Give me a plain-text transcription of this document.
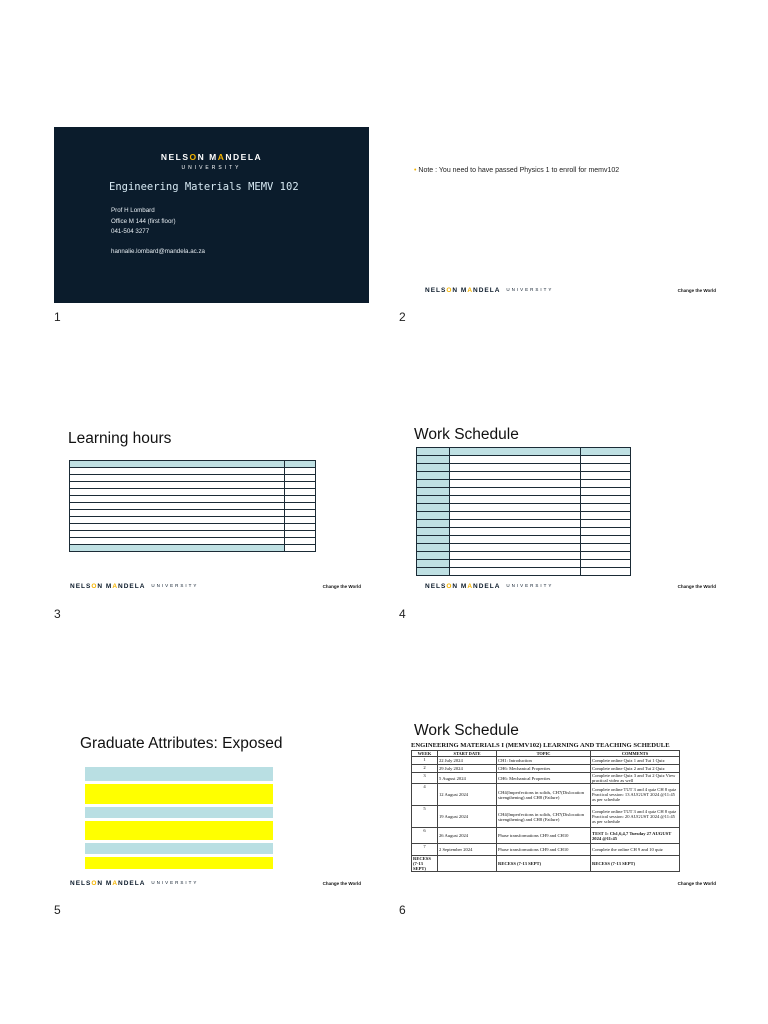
NELSON MANDELA
UNIVERSITY
Engineering Materials MEMV 102
Prof H Lombard
Office M 144 (first floor)
041-504 3277
hannalie.lombard@mandela.ac.za
1
• Note : You need to have passed Physics 1 to enroll for memv102
NELSON MANDELA UNIVERSITY	Change the World
2
Learning hours

NELSON MANDELA UNIVERSITY	Change the World
3
Work Schedule

NELSON MANDELA UNIVERSITY	Change the World
4
Graduate Attributes: Exposed
NELSON MANDELA UNIVERSITY	Change the World
5
Work Schedule
ENGINEERING MATERIALS I (MEMV102) LEARNING AND TEACHING SCHEDULE
WEEK	START DATE	TOPIC	COMMENTS
1	22 July 2024	CH1: Introduction	Complete online Quiz 1 and Tut 1 Quiz
2	29 July 2024	CH6: Mechanical Properties	Complete online Quiz 2 and Tut 2 Quiz
3	5 August 2024	CH6: Mechanical Properties	Complete online Quiz 3 and Tut 2 Quiz View practical video as well
4	12 August 2024	CH4(Imperfections in solids, CH7(Dislocation strengthening) and CH8 (Failure)	Complete online TUT 3 and 4 quiz CH 8 quiz Practical session: 13 AUGUST 2024 @11:45 as per schedule
5	19 August 2024	CH4(Imperfections in solids, CH7(Dislocation strengthening) and CH8 (Failure)	Complete online TUT 3 and 4 quiz CH 8 quiz Practical session: 20 AUGUST 2024 @11:45 as per schedule
6	26 August 2024	Phase transformations CH9 and CH10	TEST 1: Ch1,6,4,7 Tuesday 27 AUGUST 2024 @11:45
7	2 September 2024	Phase transformations CH9 and CH10	Complete the online CH 9 and 10 quiz
RECESS (7-13 SEPT)		RECESS (7-13 SEPT)	RECESS (7-13 SEPT)
Change the World
6
